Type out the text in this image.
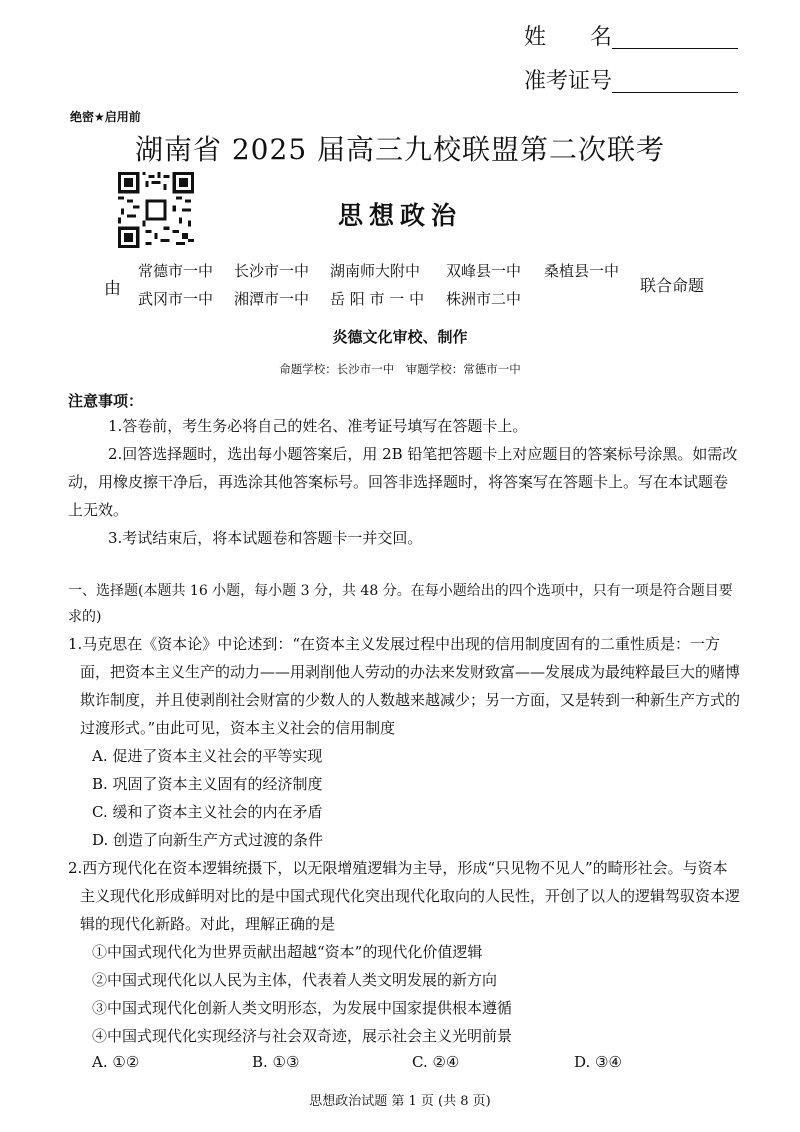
姓　　名
准考证号
绝密★启用前
湖南省 2025 届高三九校联盟第二次联考
思想政治
由
常德市一中 长沙市一中 湖南师大附中 双峰县一中 桑植县一中
武冈市一中 湘潭市一中 岳 阳 市 一 中 株洲市二中
联合命题
炎德文化审校、制作
命题学校：长沙市一中　审题学校：常德市一中
注意事项：
1.答卷前，考生务必将自己的姓名、准考证号填写在答题卡上。
2.回答选择题时，选出每小题答案后，用 2B 铅笔把答题卡上对应题目的答案标号涂黑。如需改动，用橡皮擦干净后，再选涂其他答案标号。回答非选择题时，将答案写在答题卡上。写在本试题卷上无效。
3.考试结束后，将本试题卷和答题卡一并交回。
一、选择题(本题共 16 小题，每小题 3 分，共 48 分。在每小题给出的四个选项中，只有一项是符合题目要求的)
1.马克思在《资本论》中论述到：“在资本主义发展过程中出现的信用制度固有的二重性质是：一方面，把资本主义生产的动力——用剥削他人劳动的办法来发财致富——发展成为最纯粹最巨大的赌博欺诈制度，并且使剥削社会财富的少数人的人数越来越减少；另一方面，又是转到一种新生产方式的过渡形式。”由此可见，资本主义社会的信用制度
A. 促进了资本主义社会的平等实现
B. 巩固了资本主义固有的经济制度
C. 缓和了资本主义社会的内在矛盾
D. 创造了向新生产方式过渡的条件
2.西方现代化在资本逻辑统摄下，以无限增殖逻辑为主导，形成“只见物不见人”的畸形社会。与资本主义现代化形成鲜明对比的是中国式现代化突出现代化取向的人民性，开创了以人的逻辑驾驭资本逻辑的现代化新路。对此，理解正确的是
①中国式现代化为世界贡献出超越“资本”的现代化价值逻辑
②中国式现代化以人民为主体，代表着人类文明发展的新方向
③中国式现代化创新人类文明形态，为发展中国家提供根本遵循
④中国式现代化实现经济与社会双奇迹，展示社会主义光明前景
A. ①②	B. ①③	C. ②④	D. ③④
思想政治试题 第 1 页 (共 8 页)
